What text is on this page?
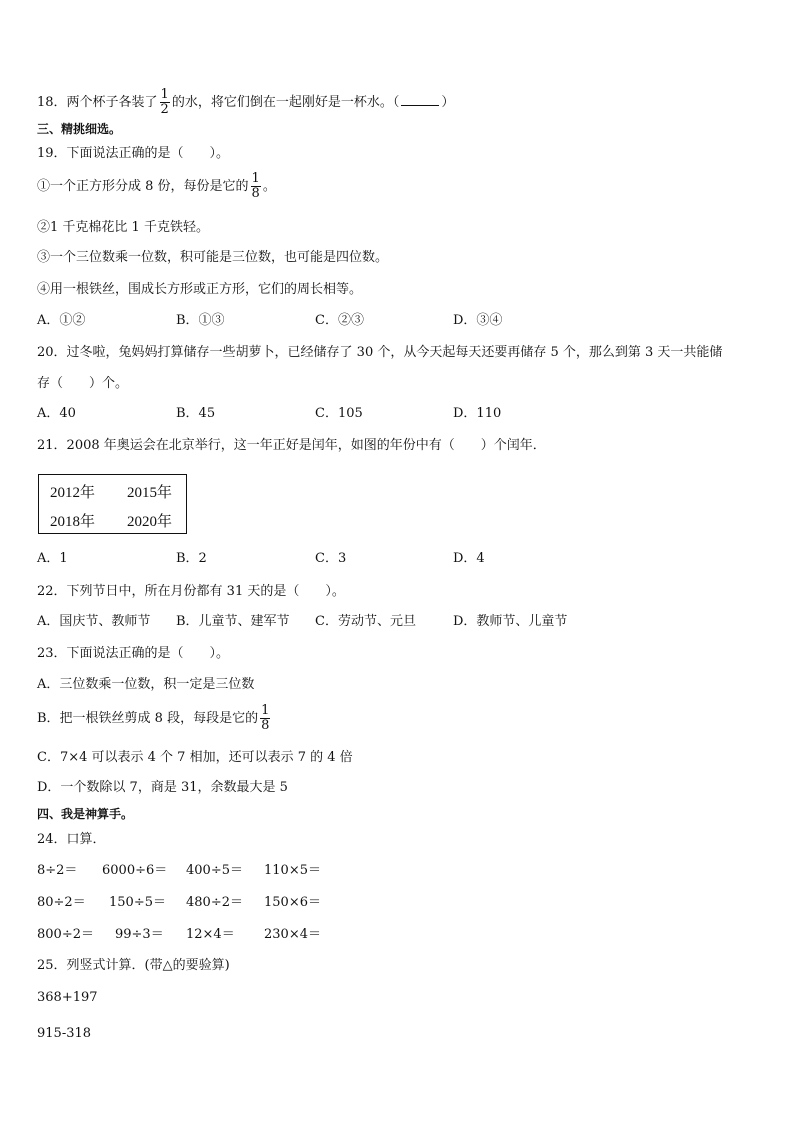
18．两个杯子各装了 $\frac{1}{2}$ 的水，将它们倒在一起刚好是一杯水。（	）
三、精挑细选。
19．下面说法正确的是（　　）。
①一个正方形分成 8 份，每份是它的 $\frac{1}{8}$ 。
②1 千克棉花比 1 千克铁轻。
③一个三位数乘一位数，积可能是三位数，也可能是四位数。
④用一根铁丝，围成长方形或正方形，它们的周长相等。
A．①②	B．①③	C．②③	D．③④
20．过冬啦，兔妈妈打算储存一些胡萝卜，已经储存了 30 个，从今天起每天还要再储存 5 个，那么到第 3 天一共能储
存（　　）个。
A．40	B．45	C．105	D．110
21．2008 年奥运会在北京举行，这一年正好是闰年，如图的年份中有（　　）个闰年．
2012年 2015年
2018年 2020年
A．1	B．2	C．3	D．4
22．下列节日中，所在月份都有 31 天的是（　　）。
A．国庆节、教师节 B．儿童节、建军节 C．劳动节、元旦	D．教师节、儿童节
23．下面说法正确的是（　　）。
A．三位数乘一位数，积一定是三位数
B．把一根铁丝剪成 8 段，每段是它的 $\frac{1}{8}$
C．7×4 可以表示 4 个 7 相加，还可以表示 7 的 4 倍
D．一个数除以 7，商是 31，余数最大是 5
四、我是神算手。
24．口算．
8÷2＝ 6000÷6＝ 400÷5＝ 110×5＝
80÷2＝ 150÷5＝ 480÷2＝ 150×6＝
800÷2＝ 99÷3＝ 12×4＝ 230×4＝
25．列竖式计算．(带△的要验算)
368+197
915-318
